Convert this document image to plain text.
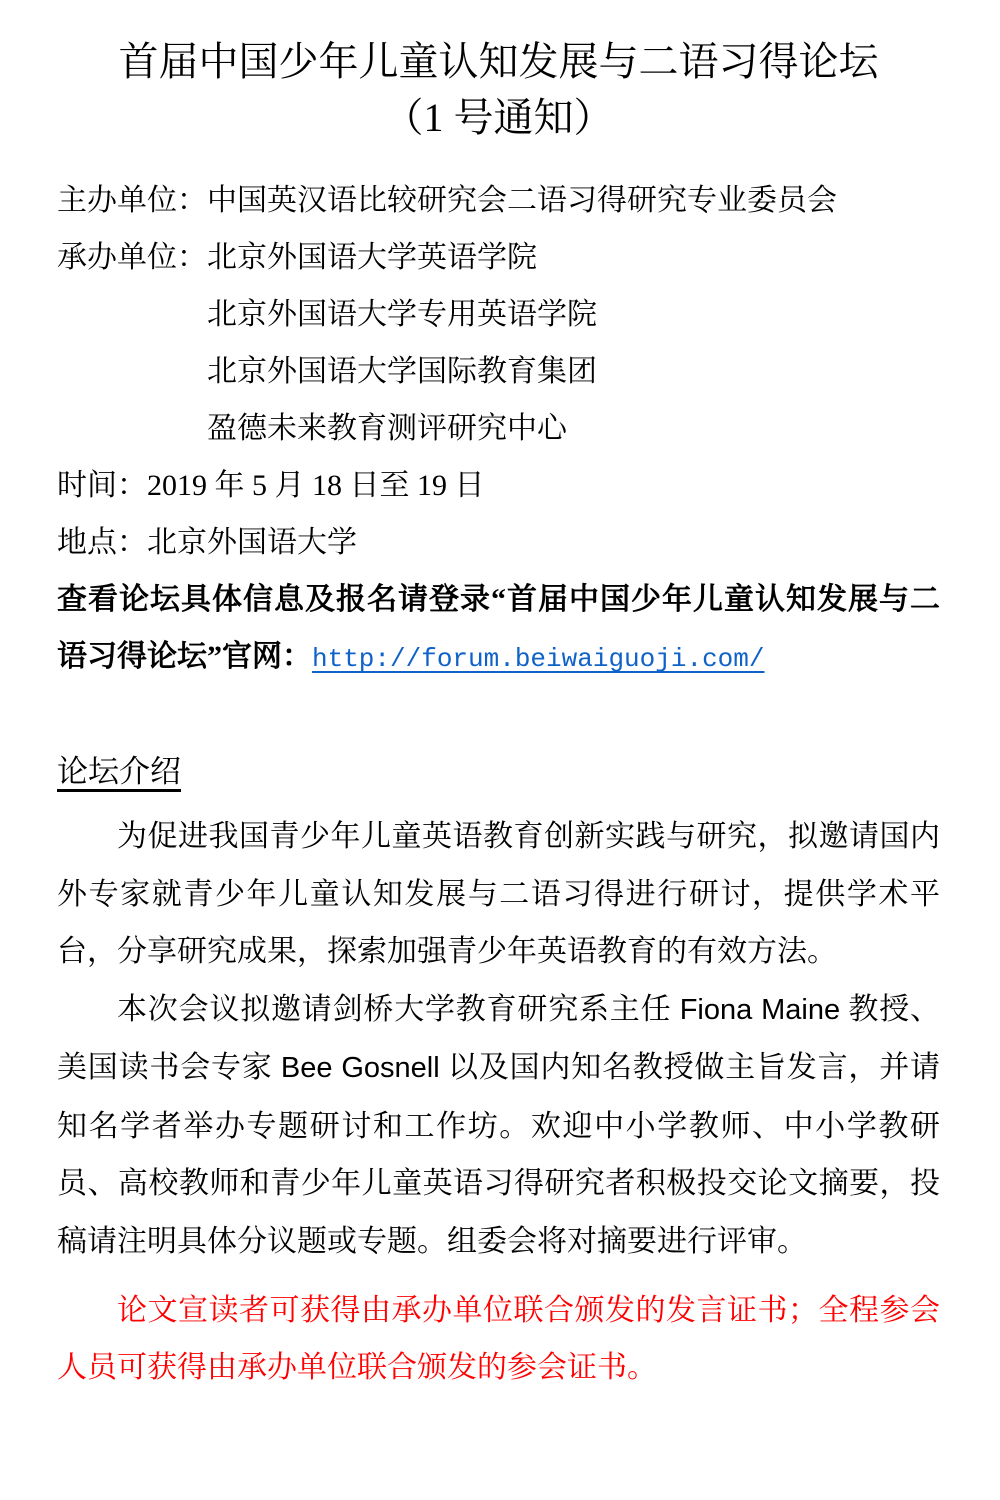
首届中国少年儿童认知发展与二语习得论坛
（1 号通知）
主办单位：中国英汉语比较研究会二语习得研究专业委员会
承办单位：北京外国语大学英语学院
北京外国语大学专用英语学院
北京外国语大学国际教育集团
盈德未来教育测评研究中心
时间：2019 年 5 月 18 日至 19 日
地点：北京外国语大学

查看论坛具体信息及报名请登录“首届中国少年儿童认知发展与二语习得论坛”官网：http://forum.beiwaiguoji.com/

论坛介绍

为促进我国青少年儿童英语教育创新实践与研究，拟邀请国内外专家就青少年儿童认知发展与二语习得进行研讨，提供学术平台，分享研究成果，探索加强青少年英语教育的有效方法。

本次会议拟邀请剑桥大学教育研究系主任 Fiona Maine 教授、美国读书会专家 Bee Gosnell 以及国内知名教授做主旨发言，并请知名学者举办专题研讨和工作坊。欢迎中小学教师、中小学教研员、高校教师和青少年儿童英语习得研究者积极投交论文摘要，投稿请注明具体分议题或专题。组委会将对摘要进行评审。

论文宣读者可获得由承办单位联合颁发的发言证书；全程参会人员可获得由承办单位联合颁发的参会证书。
